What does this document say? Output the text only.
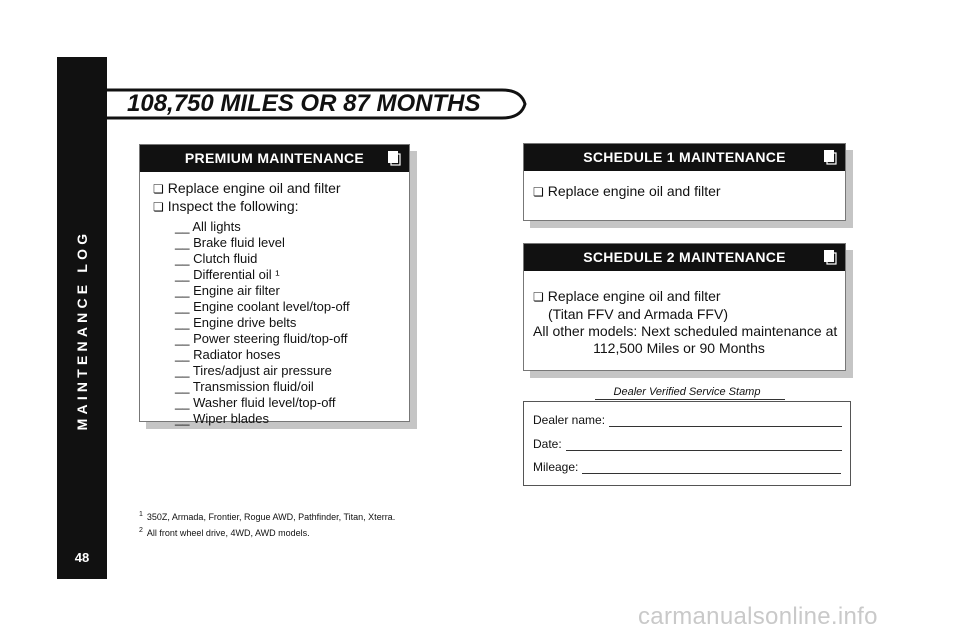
MAINTENANCE LOG
48
108,750 MILES OR 87 MONTHS
PREMIUM MAINTENANCE
❏ Replace engine oil and filter
❏ Inspect the following:
__ All lights
__ Brake fluid level
__ Clutch fluid
__ Differential oil ¹
__ Engine air filter
__ Engine coolant level/top-off
__ Engine drive belts
__ Power steering fluid/top-off
__ Radiator hoses
__ Tires/adjust air pressure
__ Transmission fluid/oil
__ Washer fluid level/top-off
__ Wiper blades
SCHEDULE 1 MAINTENANCE
❏ Replace engine oil and filter
SCHEDULE 2 MAINTENANCE
❏ Replace engine oil and filter
(Titan FFV and Armada FFV)
All other models: Next scheduled maintenance at
112,500 Miles or 90 Months
Dealer Verified Service Stamp
Dealer name:
Date:
Mileage:
$^1$ 350Z, Armada, Frontier, Rogue AWD, Pathfinder, Titan, Xterra.
$^2$ All front wheel drive, 4WD, AWD models.
carmanualsonline.info
